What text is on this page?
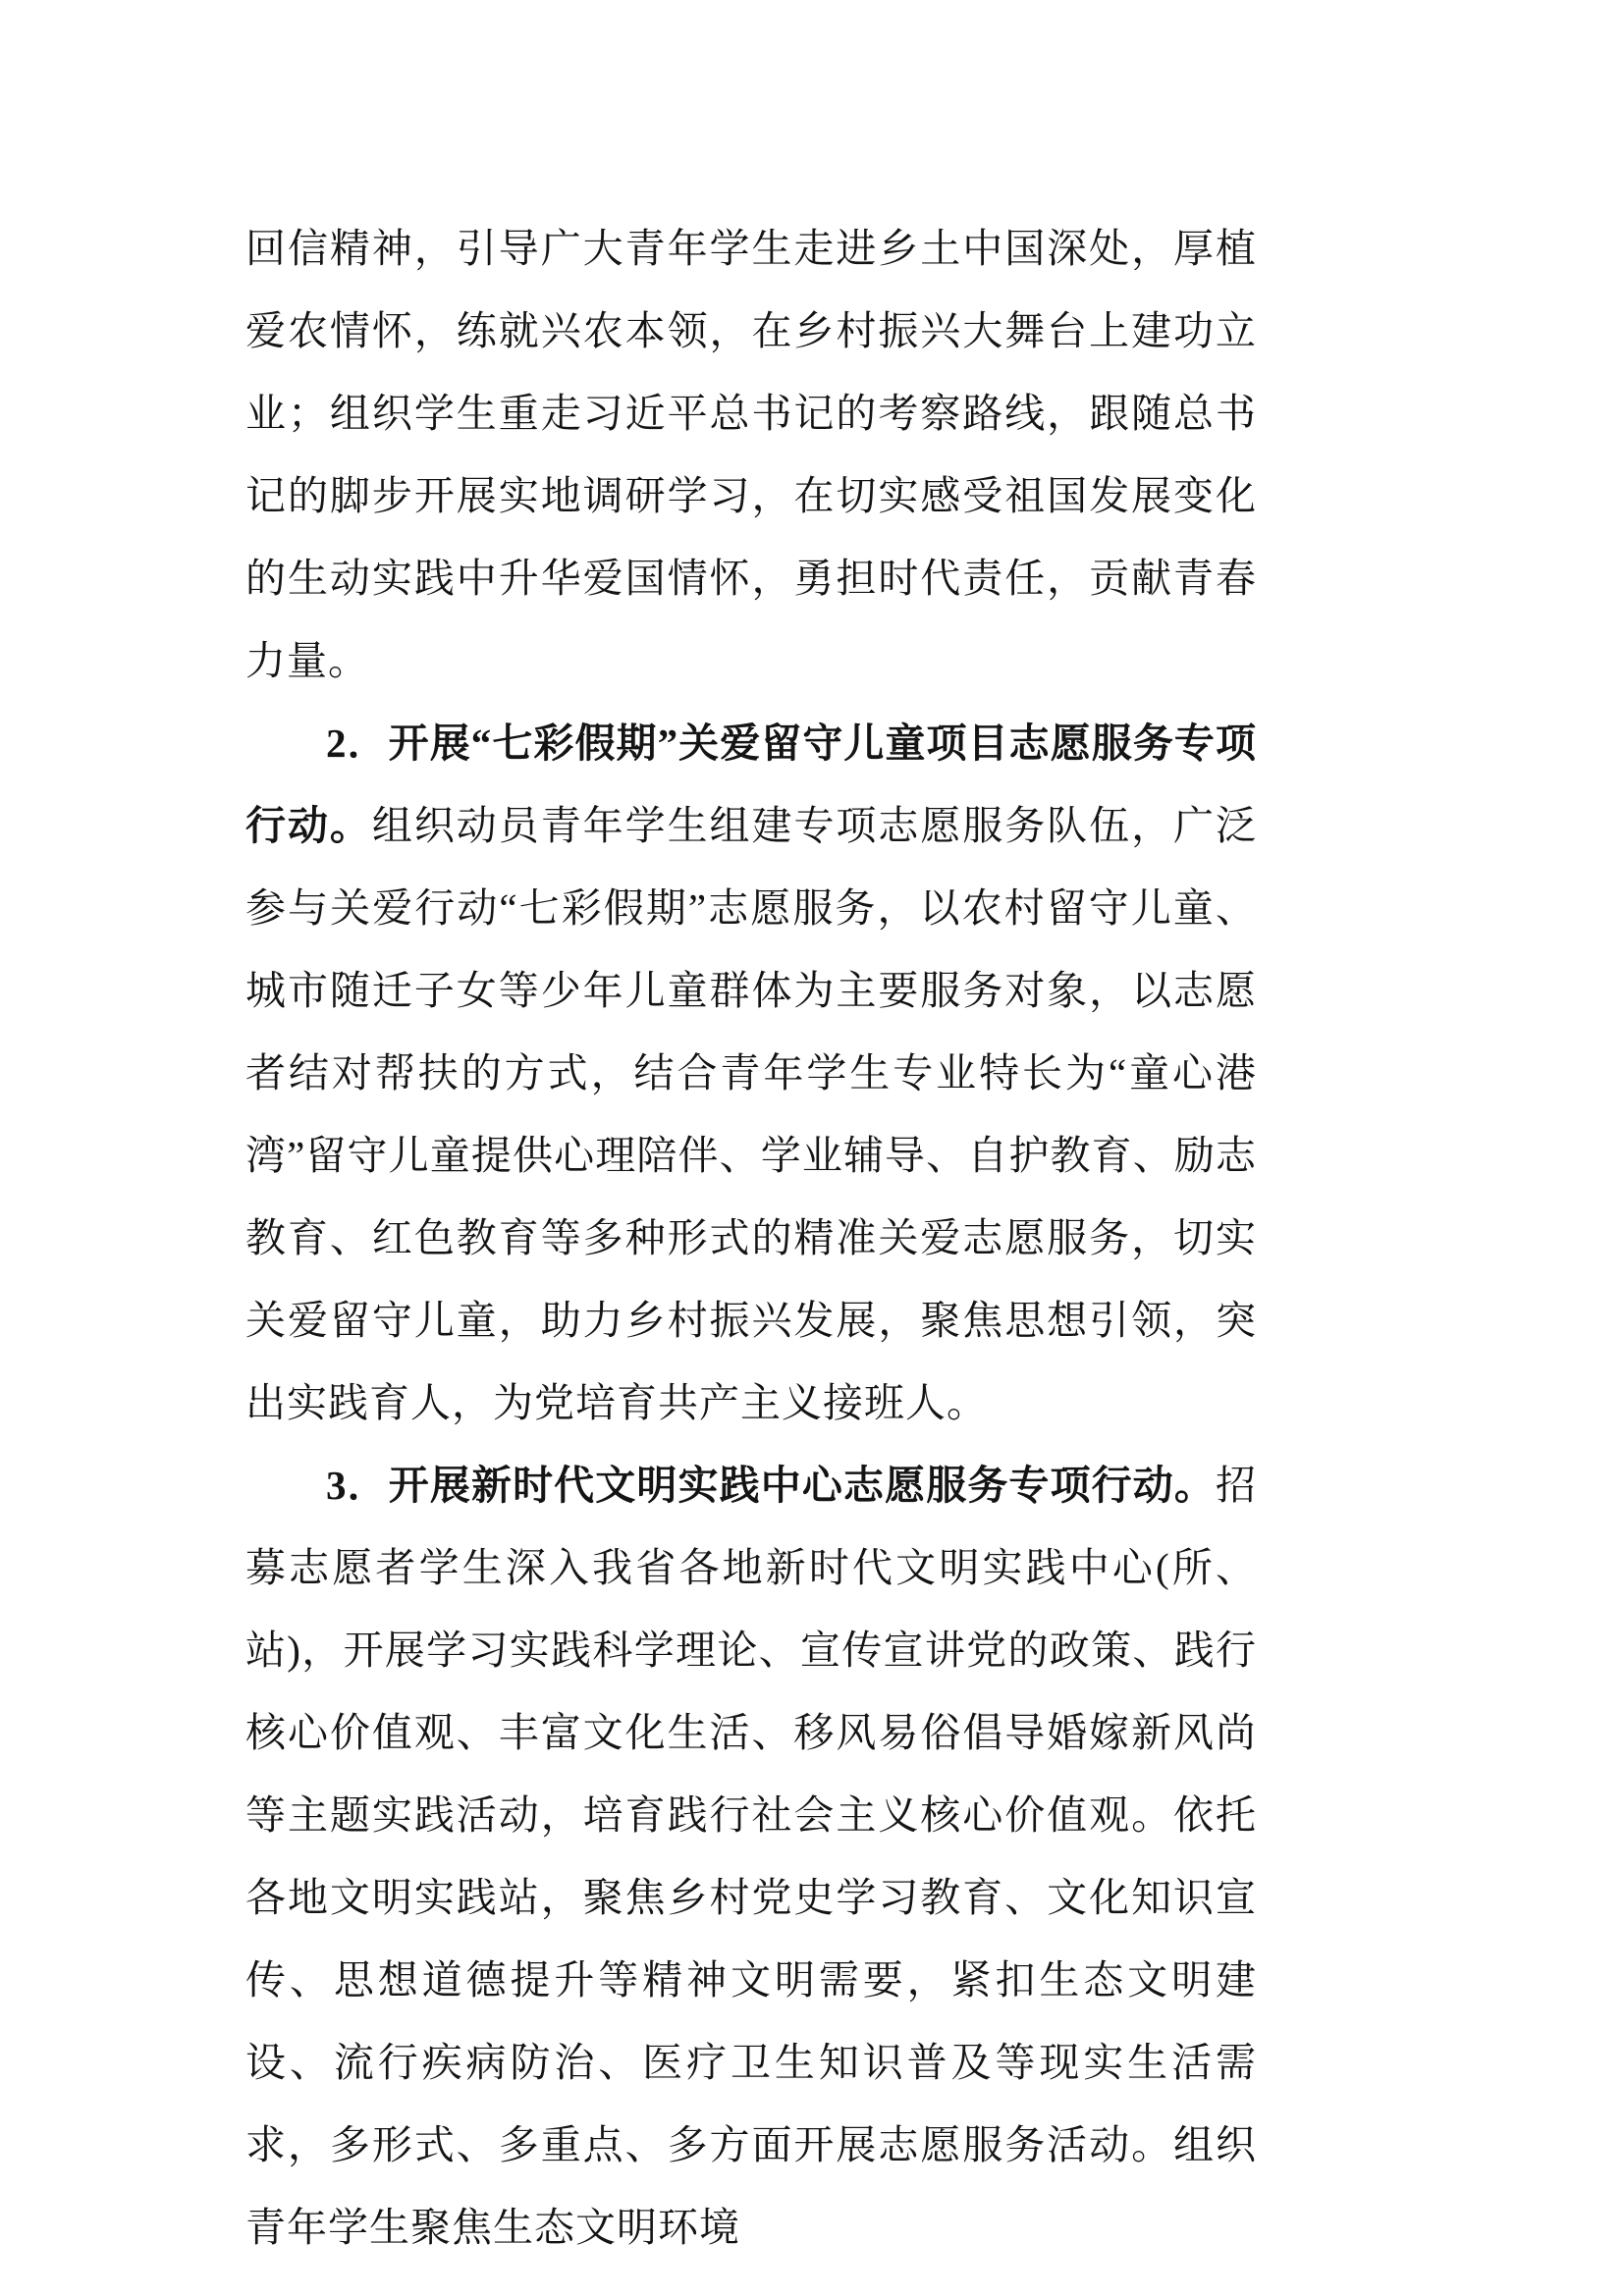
回信精神，引导广大青年学生走进乡土中国深处，厚植爱农情怀，练就兴农本领，在乡村振兴大舞台上建功立业；组织学生重走习近平总书记的考察路线，跟随总书记的脚步开展实地调研学习，在切实感受祖国发展变化的生动实践中升华爱国情怀，勇担时代责任，贡献青春力量。

2．开展“七彩假期”关爱留守儿童项目志愿服务专项行动。组织动员青年学生组建专项志愿服务队伍，广泛参与关爱行动“七彩假期”志愿服务，以农村留守儿童、城市随迁子女等少年儿童群体为主要服务对象，以志愿者结对帮扶的方式，结合青年学生专业特长为“童心港湾”留守儿童提供心理陪伴、学业辅导、自护教育、励志教育、红色教育等多种形式的精准关爱志愿服务，切实关爱留守儿童，助力乡村振兴发展，聚焦思想引领，突出实践育人，为党培育共产主义接班人。

3．开展新时代文明实践中心志愿服务专项行动。招募志愿者学生深入我省各地新时代文明实践中心(所、站)，开展学习实践科学理论、宣传宣讲党的政策、践行核心价值观、丰富文化生活、移风易俗倡导婚嫁新风尚等主题实践活动，培育践行社会主义核心价值观。依托各地文明实践站，聚焦乡村党史学习教育、文化知识宣传、思想道德提升等精神文明需要，紧扣生态文明建设、流行疾病防治、医疗卫生知识普及等现实生活需求，多形式、多重点、多方面开展志愿服务活动。组织青年学生聚焦生态文明环境
